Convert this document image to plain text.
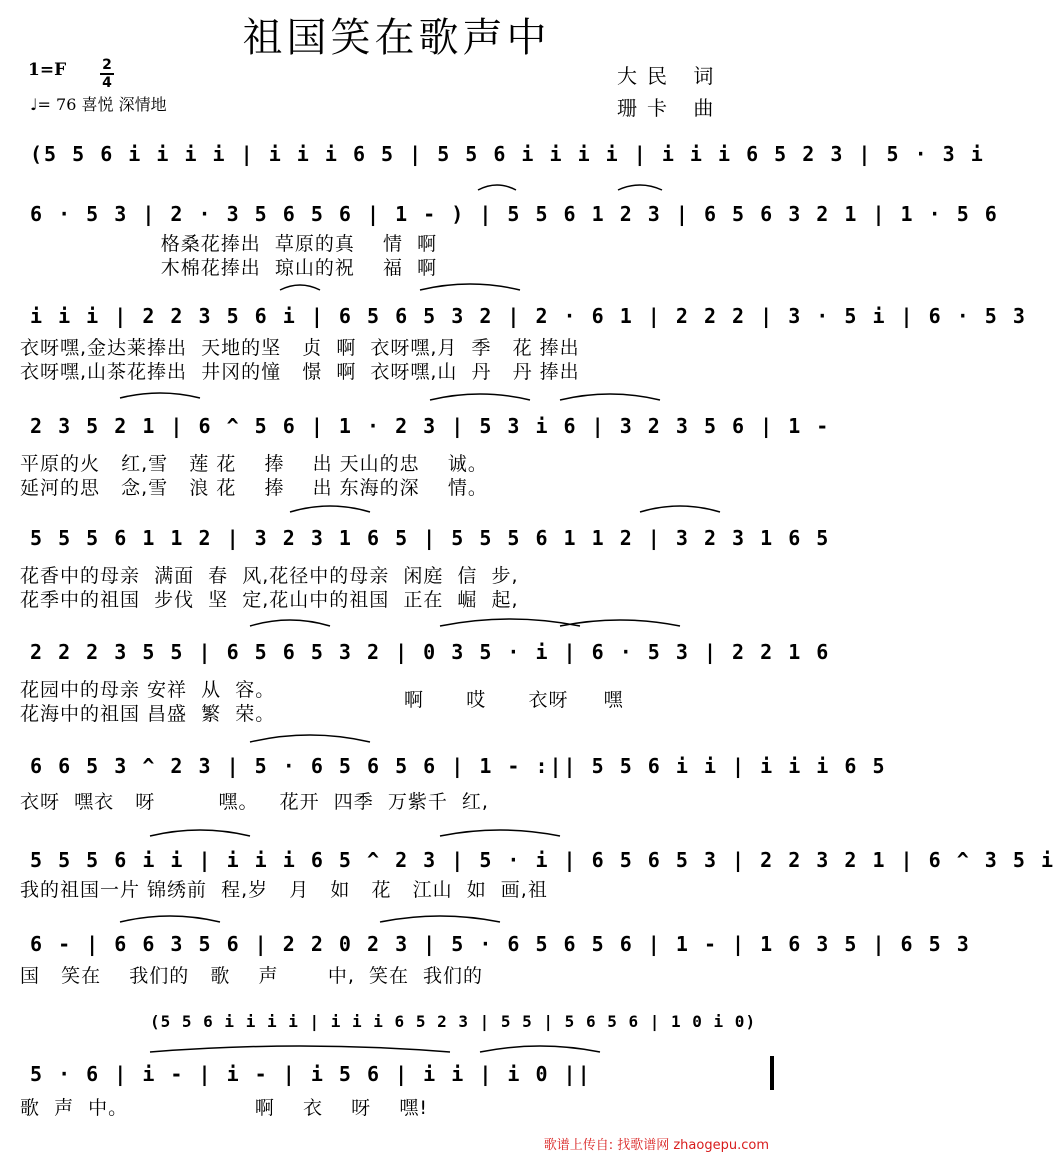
祖国笑在歌声中
1=F	2
4
♩= 76 喜悦 深情地
大民 词
珊卡 曲
(5 5 6 i i i i | i i i 6 5 | 5 5 6 i i i i | i i i 6 5 2 3 | 5 · 3 i
6 · 5 3 | 2 · 3 5 6 5 6 | 1 - ) | 5 5 6 1 2 3 | 6 5 6 3 2 1 | 1 · 5 6
格桑花捧出  草原的真    情  啊
木棉花捧出  琼山的祝    福  啊
i i i | 2 2 3 5 6 i | 6 5 6 5 3 2 | 2 · 6 1 | 2 2 2 | 3 · 5 i | 6 · 5 3
衣呀嘿,金达莱捧出  天地的坚   贞  啊  衣呀嘿,月  季   花 捧出
衣呀嘿,山茶花捧出  井冈的憧   憬  啊  衣呀嘿,山  丹   丹 捧出
2 3 5 2 1 | 6 ^ 5 6 | 1 · 2 3 | 5 3 i 6 | 3 2 3 5 6 | 1 -
平原的火   红,雪   莲 花    捧    出 天山的忠    诚。
延河的思   念,雪   浪 花    捧    出 东海的深    情。
5 5 5 6 1 1 2 | 3 2 3 1 6 5 | 5 5 5 6 1 1 2 | 3 2 3 1 6 5
花香中的母亲  满面  春  风,花径中的母亲  闲庭  信  步,
花季中的祖国  步伐  坚  定,花山中的祖国  正在  崛  起,
2 2 2 3 5 5 | 6 5 6 5 3 2 | 0 3 5 · i | 6 · 5 3 | 2 2 1 6
花园中的母亲 安祥  从  容。
花海中的祖国 昌盛  繁  荣。
啊      哎      衣呀     嘿
6 6 5 3 ^ 2 3 | 5 · 6 5 6 5 6 | 1 - :|| 5 5 6 i i | i i i 6 5
衣呀  嘿衣   呀         嘿。   花开  四季  万紫千  红,
5 5 5 6 i i | i i i 6 5 ^ 2 3 | 5 · i | 6 5 6 5 3 | 2 2 3 2 1 | 6 ^ 3 5 i
我的祖国一片 锦绣前  程,岁   月   如   花   江山  如  画,祖
6 - | 6 6 3 5 6 | 2 2 0 2 3 | 5 · 6 5 6 5 6 | 1 - | 1 6 3 5 | 6 5 3
国   笑在    我们的   歌    声       中,  笑在  我们的
(5 5 6 i i i i | i i i 6 5 2 3 | 5 5 | 5 6 5 6 | 1 0 i 0)
5 · 6 | i - | i - | i 5 6 | i i | i 0 ||
歌  声  中。                  啊    衣    呀    嘿!
歌谱上传自: 找歌谱网 zhaogepu.com
